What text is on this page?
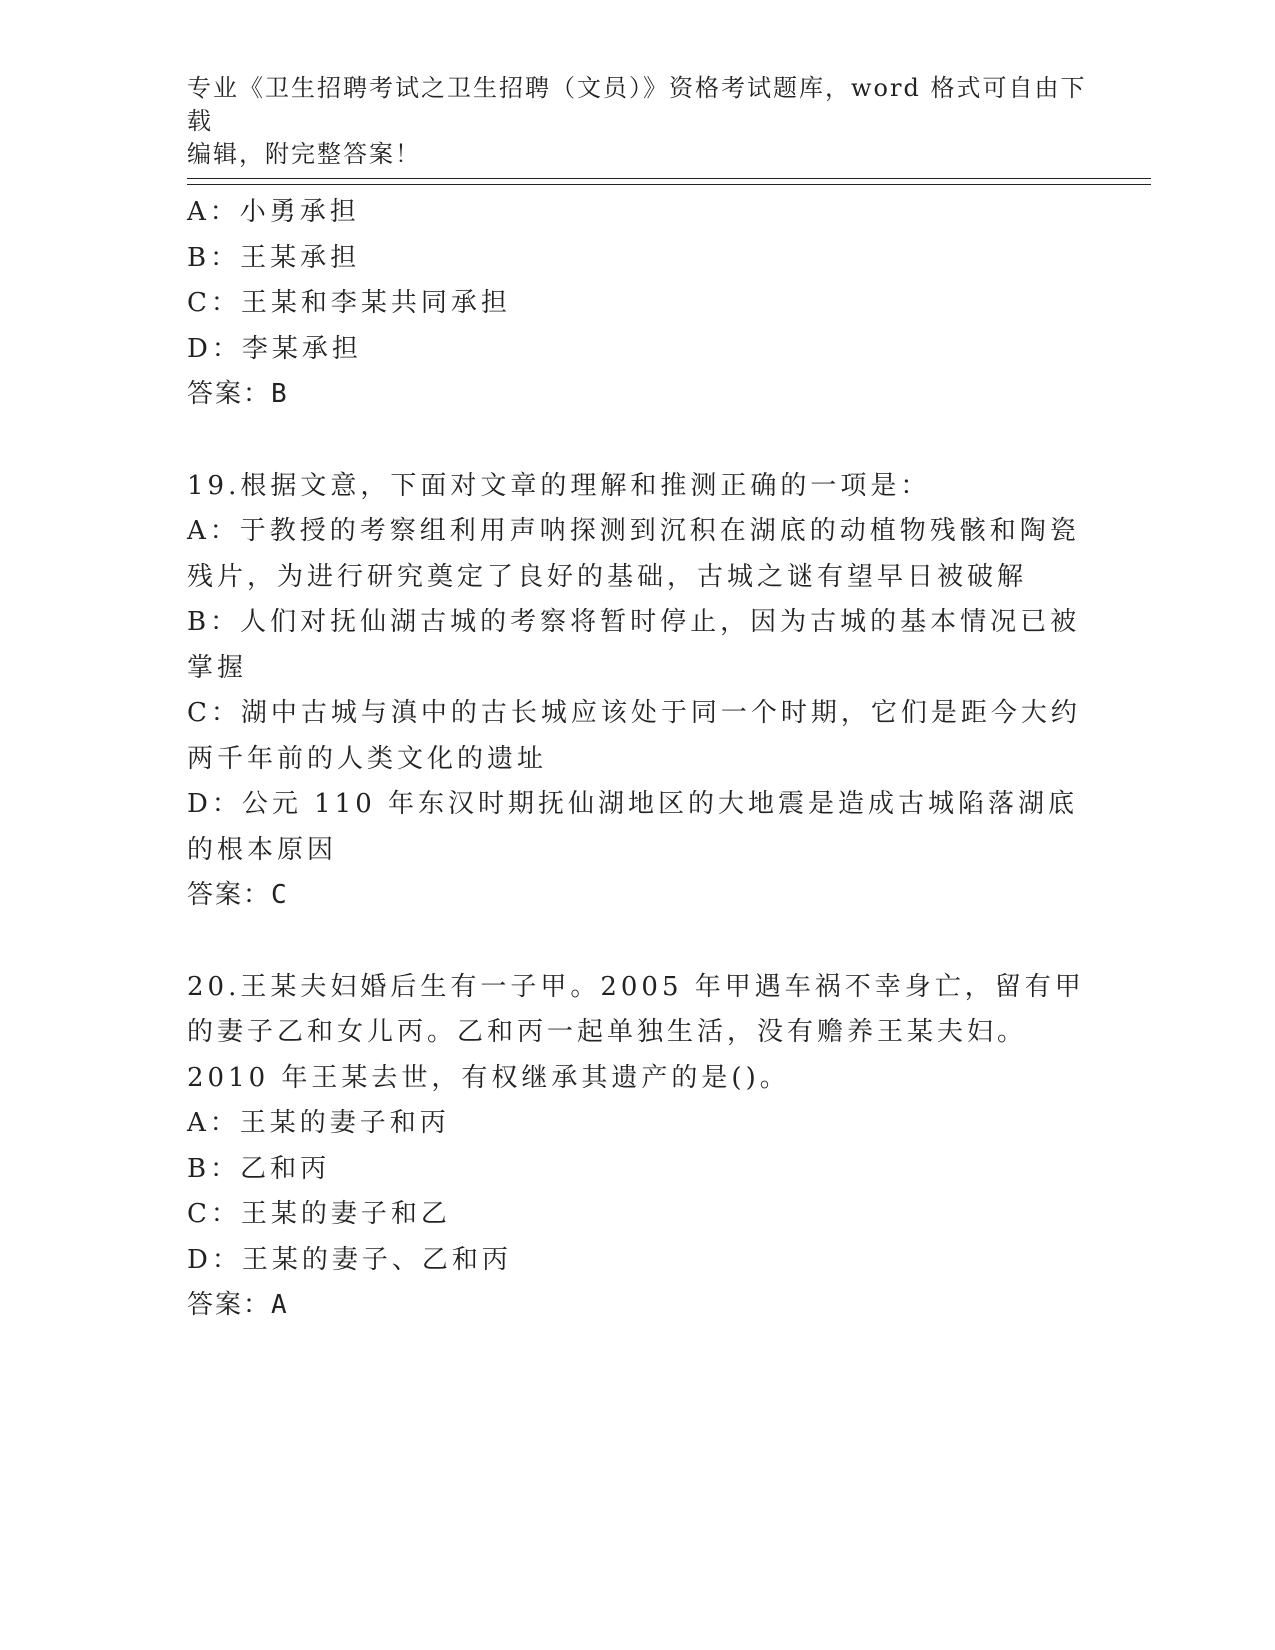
专业《卫生招聘考试之卫生招聘（文员）》资格考试题库，word 格式可自由下载
编辑，附完整答案！
A：小勇承担
B：王某承担
C：王某和李某共同承担
D：李某承担
答案：B
19.根据文意，下面对文章的理解和推测正确的一项是：
A：于教授的考察组利用声呐探测到沉积在湖底的动植物残骸和陶瓷残片，为进行研究奠定了良好的基础，古城之谜有望早日被破解
B：人们对抚仙湖古城的考察将暂时停止，因为古城的基本情况已被掌握
C：湖中古城与滇中的古长城应该处于同一个时期，它们是距今大约两千年前的人类文化的遗址
D：公元 110 年东汉时期抚仙湖地区的大地震是造成古城陷落湖底的根本原因
答案：C
20.王某夫妇婚后生有一子甲。2005 年甲遇车祸不幸身亡，留有甲的妻子乙和女儿丙。乙和丙一起单独生活，没有赡养王某夫妇。2010 年王某去世，有权继承其遗产的是()。
A：王某的妻子和丙
B：乙和丙
C：王某的妻子和乙
D：王某的妻子、乙和丙
答案：A
